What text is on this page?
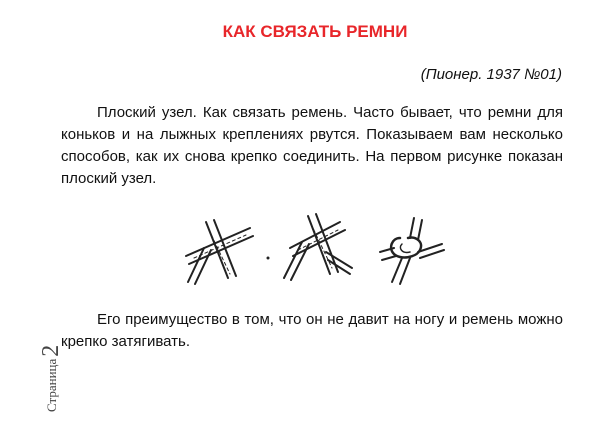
Страница2
КАК СВЯЗАТЬ РЕМНИ
(Пионер. 1937 №01)

Плоский узел. Как связать ремень. Часто бывает, что ремни для коньков и на лыжных креплениях рвутся. Показываем вам несколько способов, как их снова крепко соединить. На первом рисунке показан плоский узел.

Его преимущество в том, что он не давит на ногу и ремень можно крепко затягивать.
